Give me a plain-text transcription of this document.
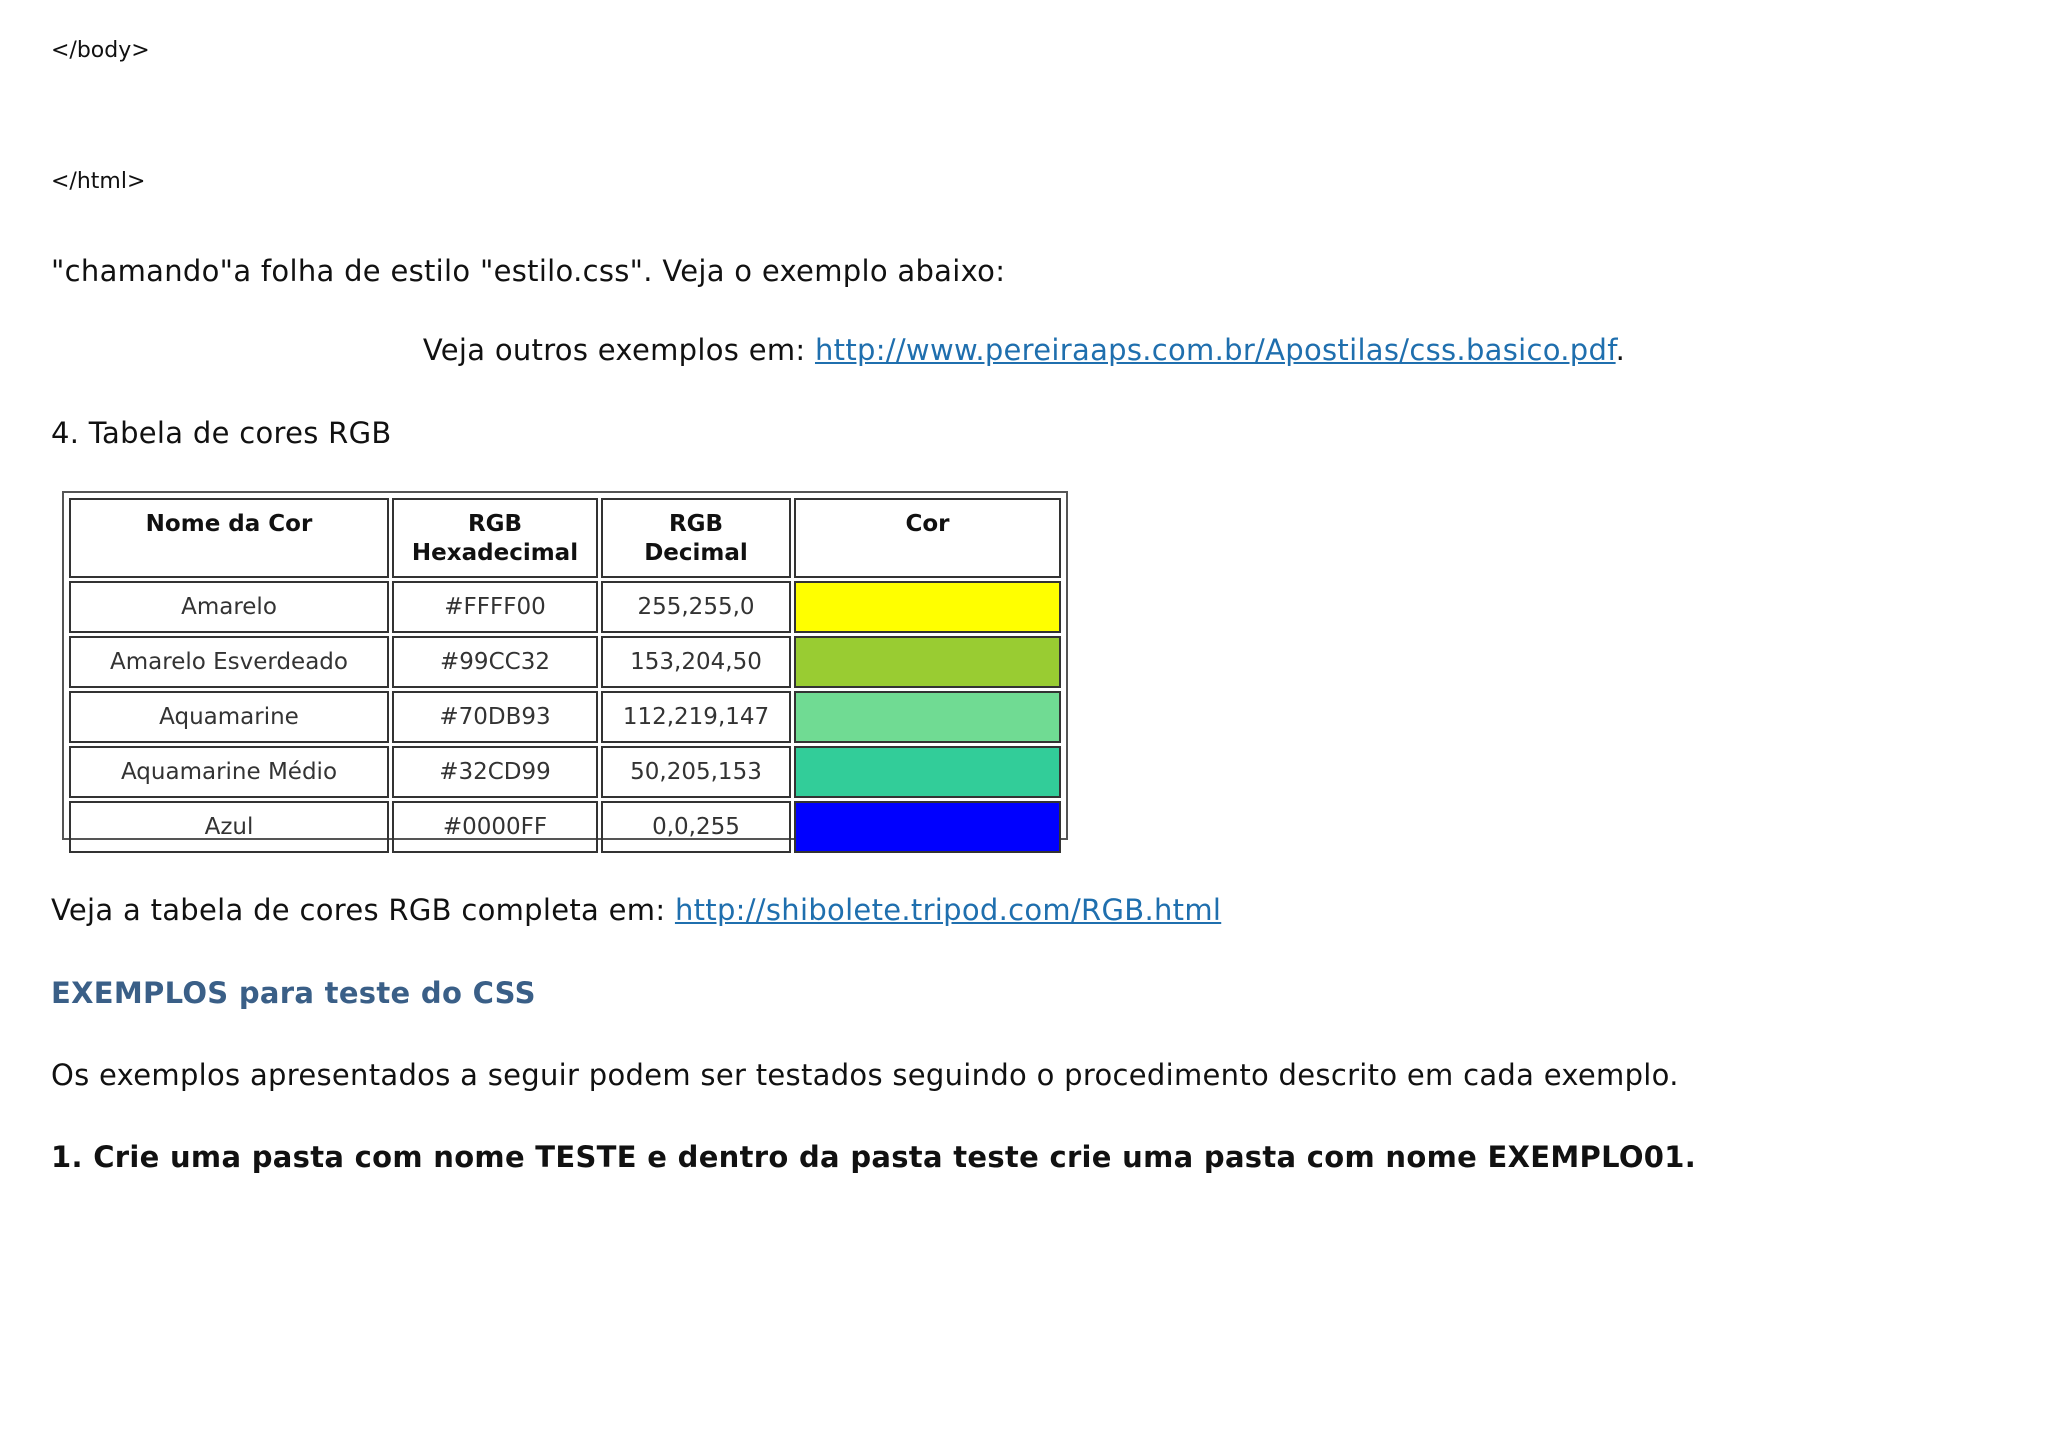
</body>
</html>
"chamando"a folha de estilo "estilo.css". Veja o exemplo abaixo:
Veja outros exemplos em: http://www.pereiraaps.com.br/Apostilas/css.basico.pdf.
4. Tabela de cores RGB
Nome da Cor	RGB Hexadecimal	RGB Decimal	Cor
Amarelo	#FFFF00	255,255,0	

Amarelo Esverdeado	#99CC32	153,204,50	

Aquamarine	#70DB93	112,219,147	

Aquamarine Médio	#32CD99	50,205,153	

Azul	#0000FF	0,0,255	
Veja a tabela de cores RGB completa em: http://shibolete.tripod.com/RGB.html
EXEMPLOS para teste do CSS
Os exemplos apresentados a seguir podem ser testados seguindo o procedimento descrito em cada exemplo.
1. Crie uma pasta com nome TESTE e dentro da pasta teste crie uma pasta com nome EXEMPLO01.
